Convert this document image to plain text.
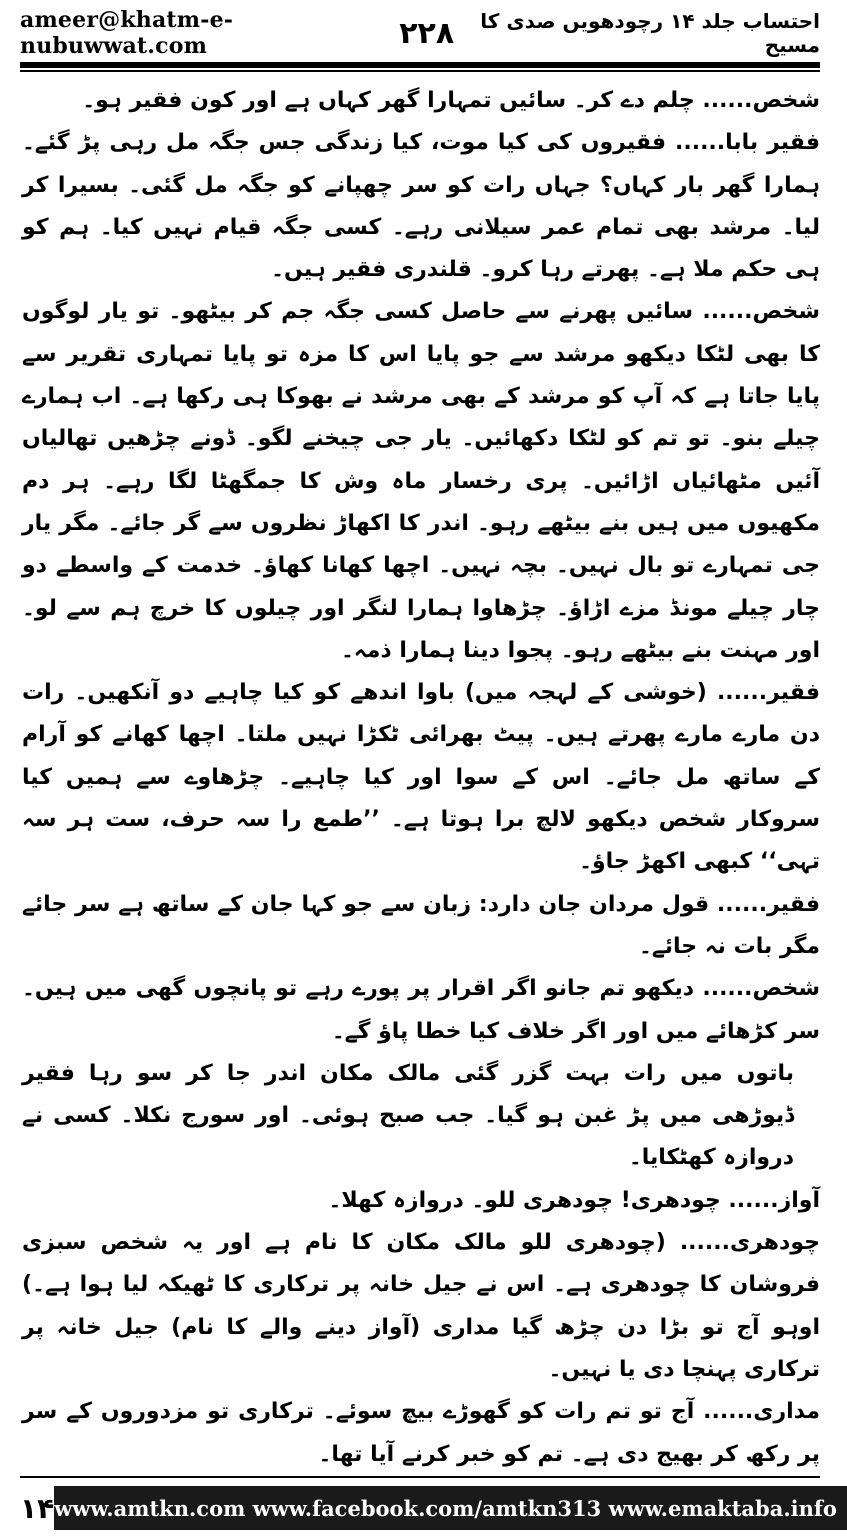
ameer@khatm-e-nubuwwat.com	۲۲۸	احتساب جلد ۱۴ رچودھویں صدی کا مسیح

شخص...... چلم دے کر۔ سائیں تمہارا گھر کہاں ہے اور کون فقیر ہو۔

فقیر بابا...... فقیروں کی کیا موت، کیا زندگی جس جگہ مل رہی پڑ گئے۔ ہمارا گھر بار کہاں؟ جہاں رات کو سر چھپانے کو جگہ مل گئی۔ بسیرا کر لیا۔ مرشد بھی تمام عمر سیلانی رہے۔ کسی جگہ قیام نہیں کیا۔ ہم کو ہی حکم ملا ہے۔ پھرتے رہا کرو۔ قلندری فقیر ہیں۔

شخص...... سائیں پھرنے سے حاصل کسی جگہ جم کر بیٹھو۔ تو یار لوگوں کا بھی لٹکا دیکھو مرشد سے جو پایا اس کا مزہ تو پایا تمہاری تقریر سے پایا جاتا ہے کہ آپ کو مرشد کے بھی مرشد نے بھوکا ہی رکھا ہے۔ اب ہمارے چیلے بنو۔ تو تم کو لٹکا دکھائیں۔ یار جی چیخنے لگو۔ ڈونے چڑھیں تھالیاں آئیں مٹھائیاں اڑائیں۔ پری رخسار ماہ وش کا جمگھٹا لگا رہے۔ ہر دم مکھیوں میں ہیں بنے بیٹھے رہو۔ اندر کا اکھاڑ نظروں سے گر جائے۔ مگر یار جی تمہارے تو بال نہیں۔ بچہ نہیں۔ اچھا کھانا کھاؤ۔ خدمت کے واسطے دو چار چیلے مونڈ مزے اڑاؤ۔ چڑھاوا ہمارا لنگر اور چیلوں کا خرچ ہم سے لو۔ اور مہنت بنے بیٹھے رہو۔ پجوا دینا ہمارا ذمہ۔

فقیر...... (خوشی کے لہجہ میں) باوا اندھے کو کیا چاہیے دو آنکھیں۔ رات دن مارے مارے پھرتے ہیں۔ پیٹ بھرائی ٹکڑا نہیں ملتا۔ اچھا کھانے کو آرام کے ساتھ مل جائے۔ اس کے سوا اور کیا چاہیے۔ چڑھاوے سے ہمیں کیا سروکار شخص دیکھو لالچ برا ہوتا ہے۔ ’’طمع را سہ حرف، ست ہر سہ تہی‘‘ کبھی اکھڑ جاؤ۔

فقیر...... قول مردان جان دارد: زبان سے جو کہا جان کے ساتھ ہے سر جائے مگر بات نہ جائے۔

شخص...... دیکھو تم جانو اگر اقرار پر پورے رہے تو پانچوں گھی میں ہیں۔ سر کڑھائے میں اور اگر خلاف کیا خطا پاؤ گے۔

باتوں میں رات بہت گزر گئی مالک مکان اندر جا کر سو رہا فقیر ڈیوڑھی میں پڑ غبن ہو گیا۔ جب صبح ہوئی۔ اور سورج نکلا۔ کسی نے دروازہ کھٹکایا۔

آواز...... چودھری! چودھری للو۔ دروازہ کھلا۔

چودھری...... (چودھری للو مالک مکان کا نام ہے اور یہ شخص سبزی فروشان کا چودھری ہے۔ اس نے جیل خانہ پر ترکاری کا ٹھیکہ لیا ہوا ہے۔) اوہو آج تو بڑا دن چڑھ گیا مداری (آواز دینے والے کا نام) جیل خانہ پر ترکاری پہنچا دی یا نہیں۔

مداری...... آج تو تم رات کو گھوڑے بیچ سوئے۔ ترکاری تو مزدوروں کے سر پر رکھ کر بھیج دی ہے۔ تم کو خبر کرنے آیا تھا۔

۱۴ www.amtkn.com www.facebook.com/amtkn313 www.emaktaba.info
